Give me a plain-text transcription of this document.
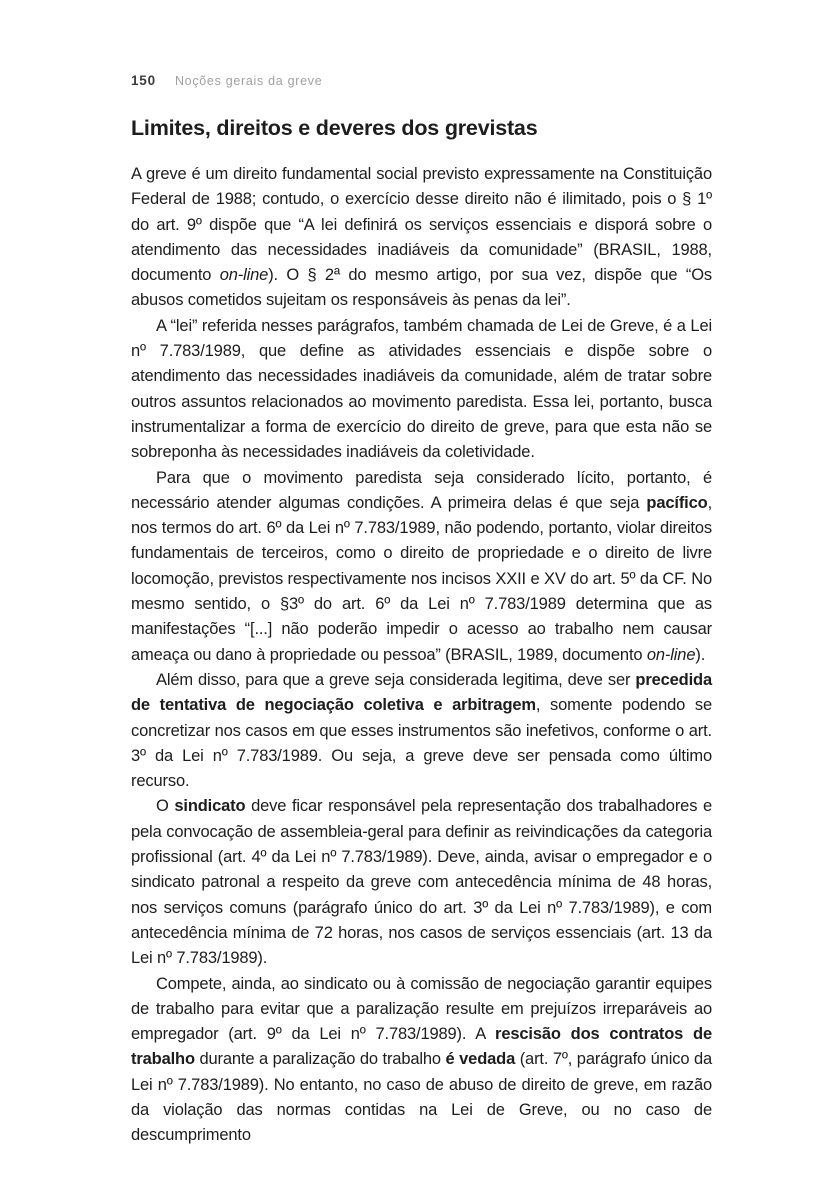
150 Noções gerais da greve
Limites, direitos e deveres dos grevistas

A greve é um direito fundamental social previsto expressamente na Constituição Federal de 1988; contudo, o exercício desse direito não é ilimitado, pois o § 1º do art. 9º dispõe que “A lei definirá os serviços essenciais e disporá sobre o atendimento das necessidades inadiáveis da comunidade” (BRASIL, 1988, documento on-line). O § 2ª do mesmo artigo, por sua vez, dispõe que “Os abusos cometidos sujeitam os responsáveis às penas da lei”.

A “lei” referida nesses parágrafos, também chamada de Lei de Greve, é a Lei nº 7.783/1989, que define as atividades essenciais e dispõe sobre o atendimento das necessidades inadiáveis da comunidade, além de tratar sobre outros assuntos relacionados ao movimento paredista. Essa lei, portanto, busca instrumentalizar a forma de exercício do direito de greve, para que esta não se sobreponha às necessidades inadiáveis da coletividade.

Para que o movimento paredista seja considerado lícito, portanto, é necessário atender algumas condições. A primeira delas é que seja pacífico, nos termos do art. 6º da Lei nº 7.783/1989, não podendo, portanto, violar direitos fundamentais de terceiros, como o direito de propriedade e o direito de livre locomoção, previstos respectivamente nos incisos XXII e XV do art. 5º da CF. No mesmo sentido, o §3º do art. 6º da Lei nº 7.783/1989 determina que as manifestações “[...] não poderão impedir o acesso ao trabalho nem causar ameaça ou dano à propriedade ou pessoa” (BRASIL, 1989, documento on-line).

Além disso, para que a greve seja considerada legitima, deve ser precedida de tentativa de negociação coletiva e arbitragem, somente podendo se concretizar nos casos em que esses instrumentos são inefetivos, conforme o art. 3º da Lei nº 7.783/1989. Ou seja, a greve deve ser pensada como último recurso.

O sindicato deve ficar responsável pela representação dos trabalhadores e pela convocação de assembleia-geral para definir as reivindicações da categoria profissional (art. 4º da Lei nº 7.783/1989). Deve, ainda, avisar o empregador e o sindicato patronal a respeito da greve com antecedência mínima de 48 horas, nos serviços comuns (parágrafo único do art. 3º da Lei nº 7.783/1989), e com antecedência mínima de 72 horas, nos casos de serviços essenciais (art. 13 da Lei nº 7.783/1989).

Compete, ainda, ao sindicato ou à comissão de negociação garantir equipes de trabalho para evitar que a paralização resulte em prejuízos irreparáveis ao empregador (art. 9º da Lei nº 7.783/1989). A rescisão dos contratos de trabalho durante a paralização do trabalho é vedada (art. 7º, parágrafo único da Lei nº 7.783/1989). No entanto, no caso de abuso de direito de greve, em razão da violação das normas contidas na Lei de Greve, ou no caso de descumprimento
